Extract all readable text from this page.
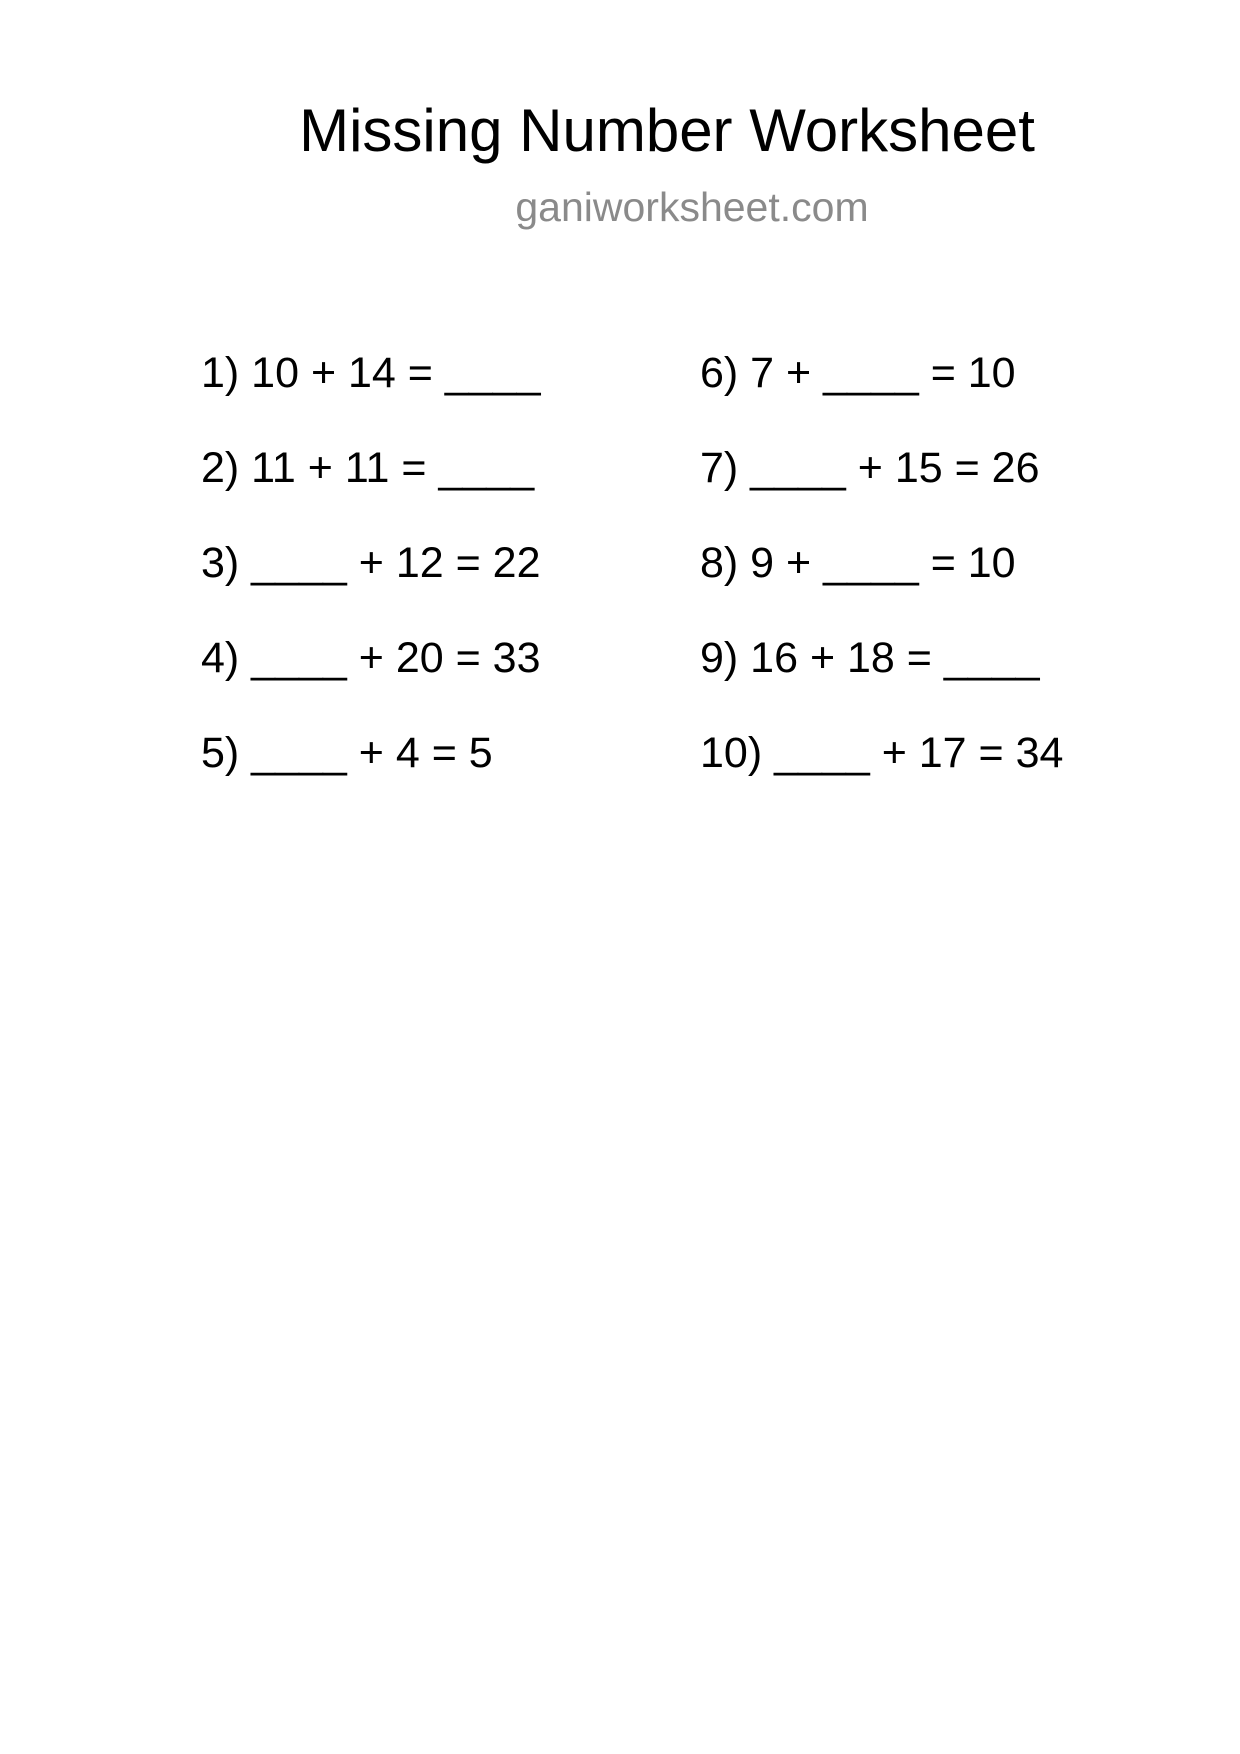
Missing Number Worksheet
ganiworksheet.com
1) 10 + 14 = ____
2) 11 + 11 = ____
3) ____ + 12 = 22
4) ____ + 20 = 33
5) ____ + 4 = 5
6) 7 + ____ = 10
7) ____ + 15 = 26
8) 9 + ____ = 10
9) 16 + 18 = ____
10) ____ + 17 = 34
